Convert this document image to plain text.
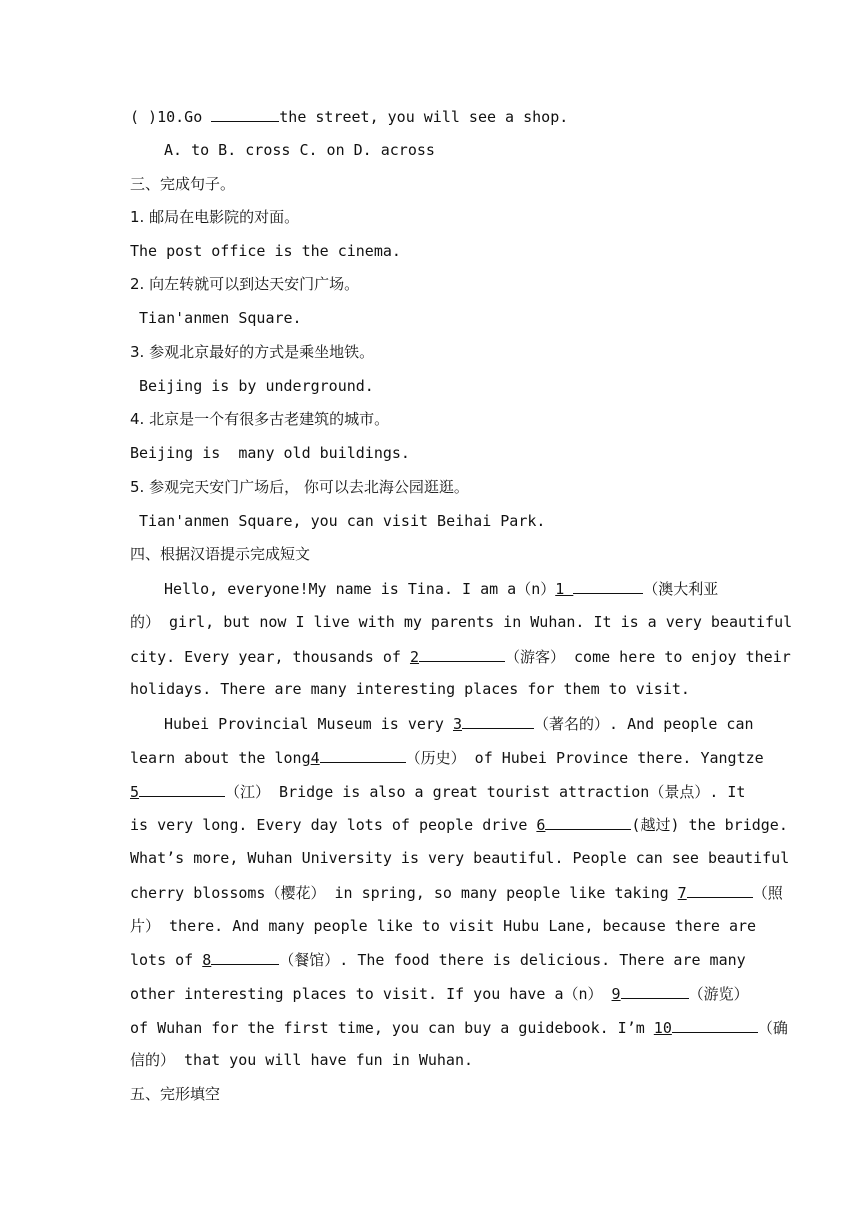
( )10.Go	the street, you will see a shop.
A. to B. cross C. on D. across
三、完成句子。
1. 邮局在电影院的对面。
The post office is the cinema.
2. 向左转就可以到达天安门广场。
Tian'anmen Square.
3. 参观北京最好的方式是乘坐地铁。
Beijing is by underground.
4. 北京是一个有很多古老建筑的城市。
Beijing is  many old buildings.
5. 参观完天安门广场后， 你可以去北海公园逛逛。
Tian'anmen Square, you can visit Beihai Park.
四、根据汉语提示完成短文
Hello, everyone!My name is Tina. I am a（n）1	（澳大利亚
的） girl, but now I live with my parents in Wuhan. It is a very beautiful
city. Every year, thousands of 2	（游客） come here to enjoy their
holidays. There are many interesting places for them to visit.
Hubei Provincial Museum is very 3	（著名的）. And people can
learn about the long4	（历史） of Hubei Province there. Yangtze
5	（江） Bridge is also a great tourist attraction（景点）. It
is very long. Every day lots of people drive 6	(越过) the bridge.
What’s more, Wuhan University is very beautiful. People can see beautiful
cherry blossoms（樱花） in spring, so many people like taking 7	（照
片） there. And many people like to visit Hubu Lane, because there are
lots of 8	（餐馆）. The food there is delicious. There are many
other interesting places to visit. If you have a（n） 9	（游览）
of Wuhan for the first time, you can buy a guidebook. I’m 10	（确
信的） that you will have fun in Wuhan.
五、完形填空
